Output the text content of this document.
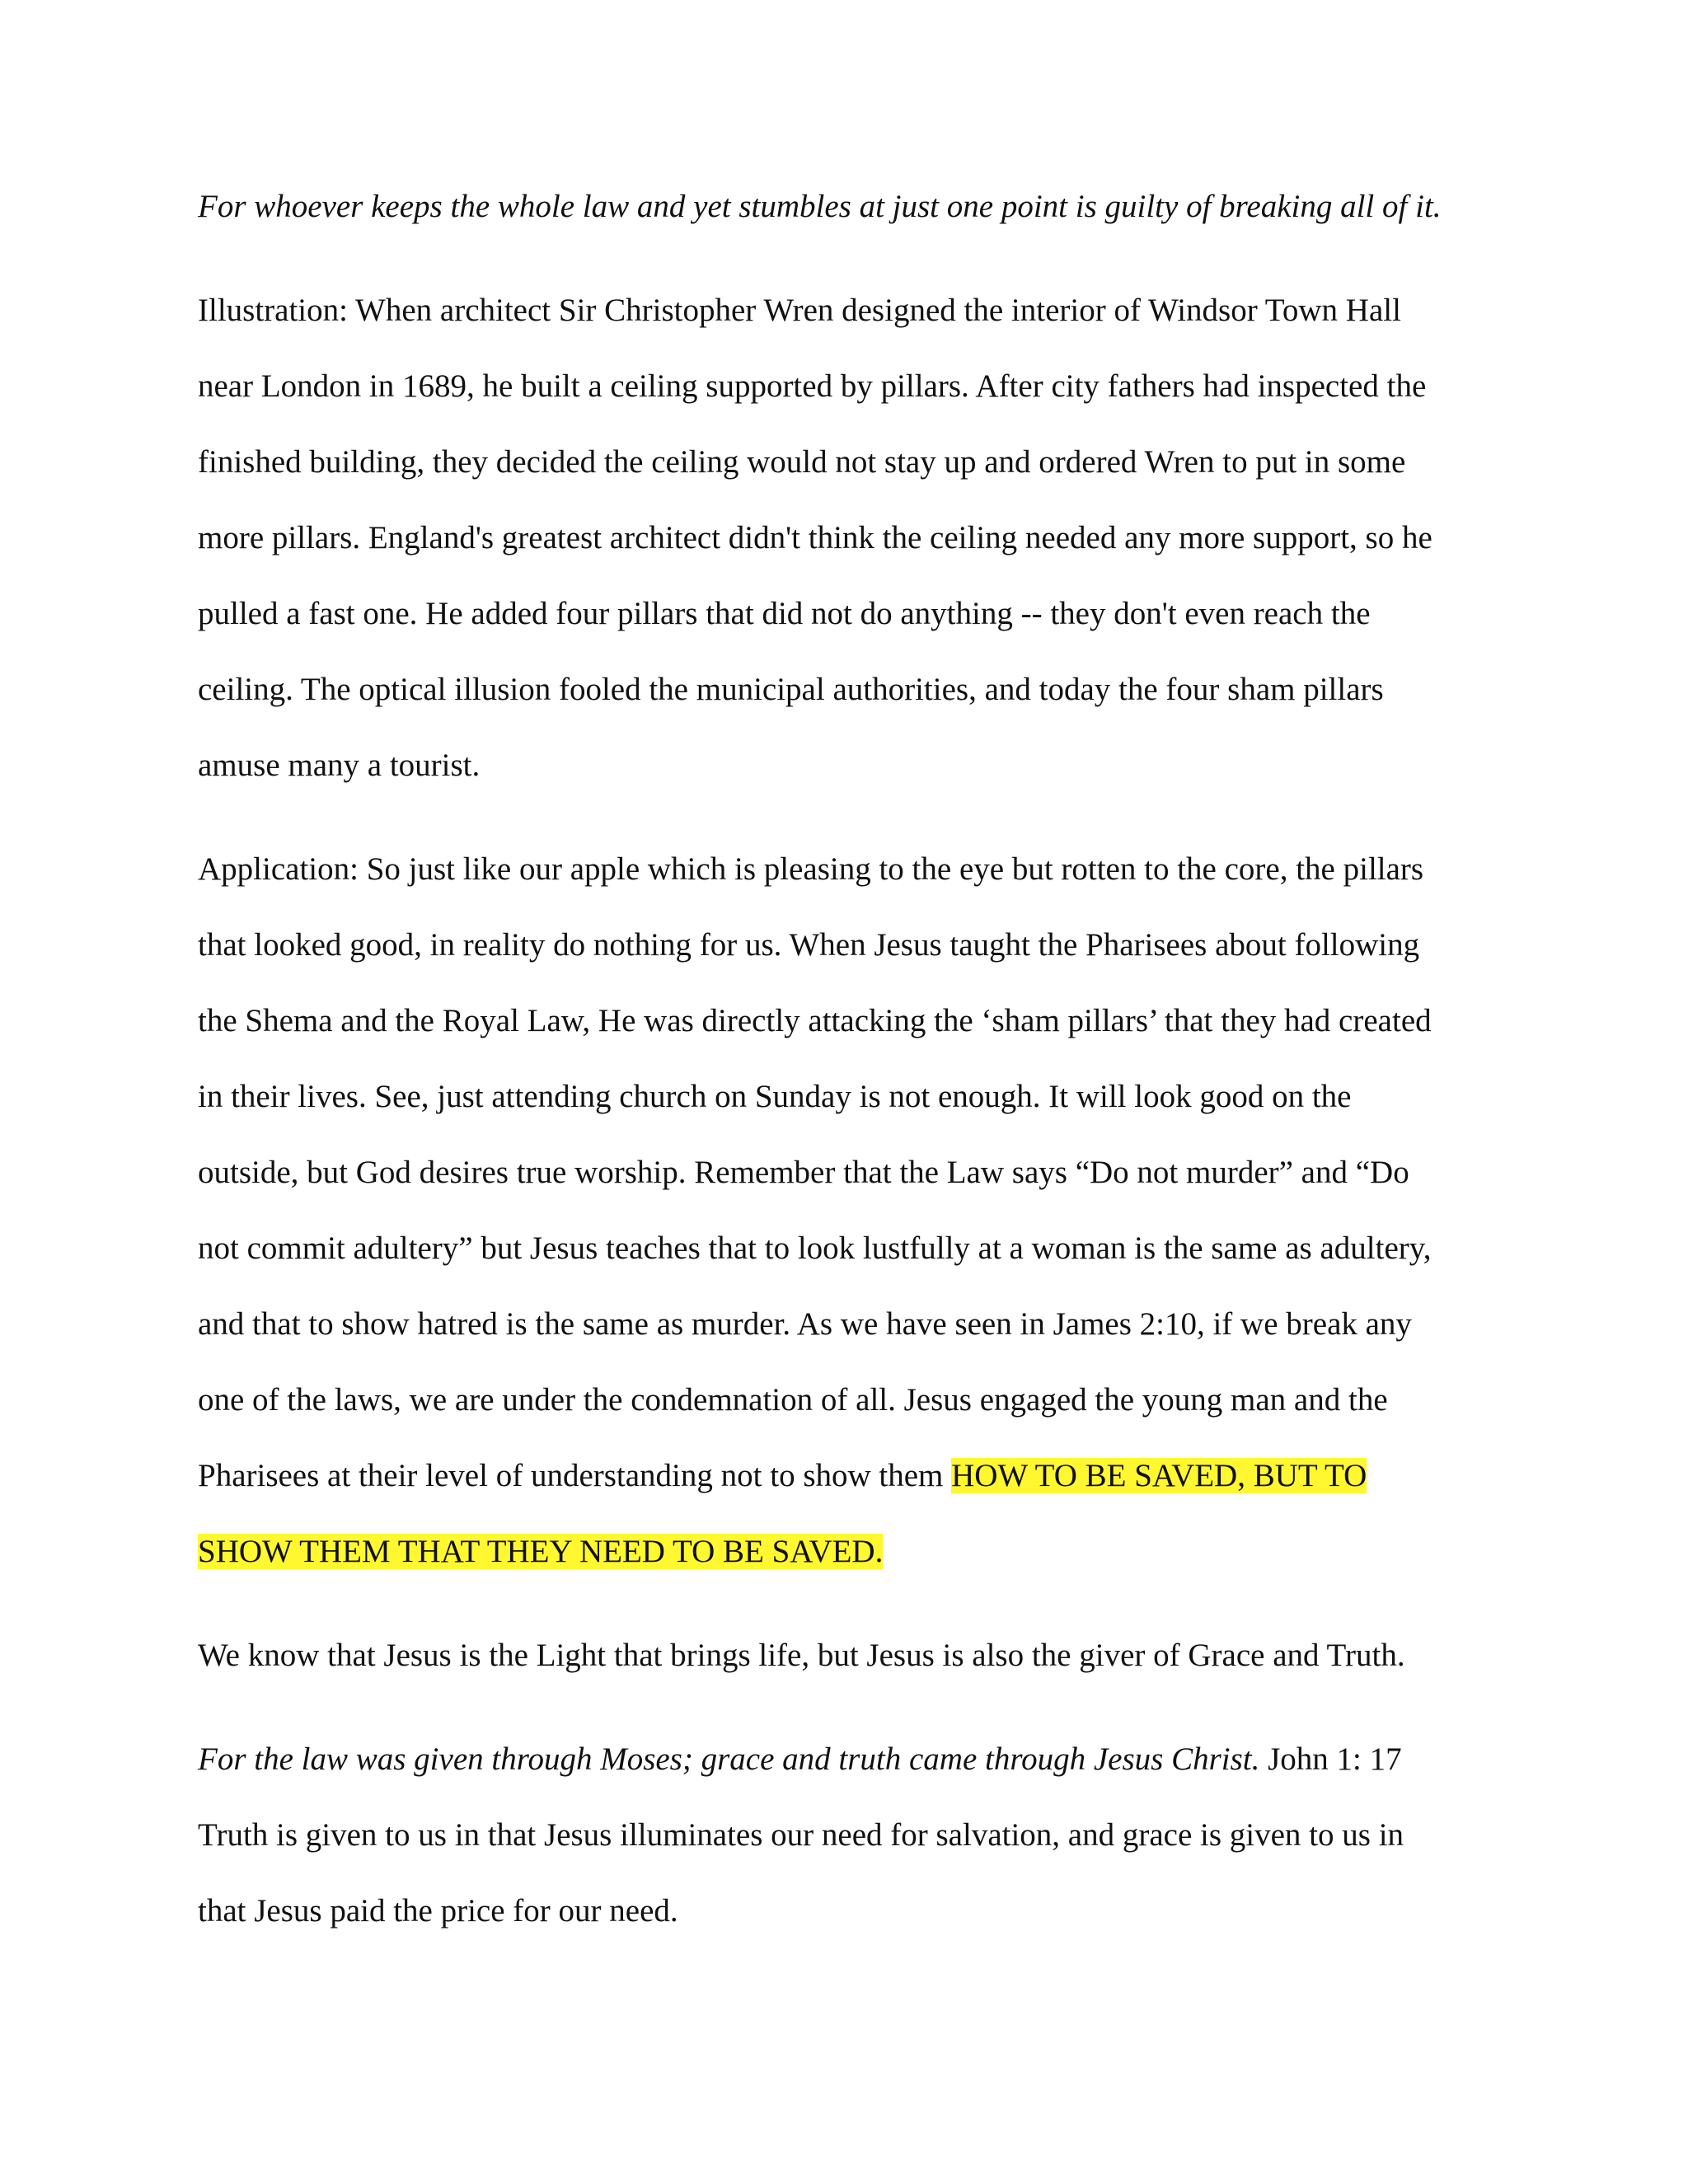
For whoever keeps the whole law and yet stumbles at just one point is guilty of breaking all of it.
Illustration: When architect Sir Christopher Wren designed the interior of Windsor Town Hall
near London in 1689, he built a ceiling supported by pillars. After city fathers had inspected the
finished building, they decided the ceiling would not stay up and ordered Wren to put in some
more pillars. England's greatest architect didn't think the ceiling needed any more support, so he
pulled a fast one. He added four pillars that did not do anything -- they don't even reach the
ceiling. The optical illusion fooled the municipal authorities, and today the four sham pillars
amuse many a tourist.
Application: So just like our apple which is pleasing to the eye but rotten to the core, the pillars
that looked good, in reality do nothing for us. When Jesus taught the Pharisees about following
the Shema and the Royal Law, He was directly attacking the ‘sham pillars’ that they had created
in their lives. See, just attending church on Sunday is not enough. It will look good on the
outside, but God desires true worship. Remember that the Law says “Do not murder” and “Do
not commit adultery” but Jesus teaches that to look lustfully at a woman is the same as adultery,
and that to show hatred is the same as murder. As we have seen in James 2:10, if we break any
one of the laws, we are under the condemnation of all. Jesus engaged the young man and the
Pharisees at their level of understanding not to show them HOW TO BE SAVED, BUT TO
SHOW THEM THAT THEY NEED TO BE SAVED.
We know that Jesus is the Light that brings life, but Jesus is also the giver of Grace and Truth.
For the law was given through Moses; grace and truth came through Jesus Christ. John 1: 17
Truth is given to us in that Jesus illuminates our need for salvation, and grace is given to us in
that Jesus paid the price for our need.
